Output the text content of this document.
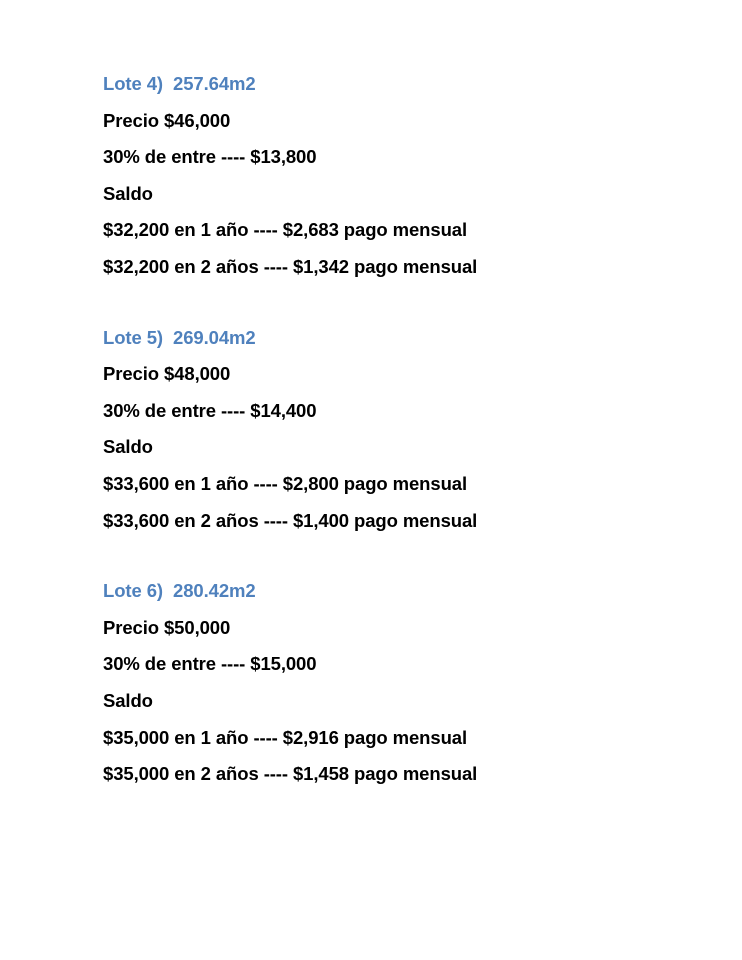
Lote 4)  257.64m2
Precio $46,000
30% de entre ---- $13,800
Saldo
$32,200 en 1 año ---- $2,683 pago mensual
$32,200 en 2 años ---- $1,342 pago mensual
Lote 5)  269.04m2
Precio $48,000
30% de entre ---- $14,400
Saldo
$33,600 en 1 año ---- $2,800 pago mensual
$33,600 en 2 años ---- $1,400 pago mensual
Lote 6)  280.42m2
Precio $50,000
30% de entre ---- $15,000
Saldo
$35,000 en 1 año ---- $2,916 pago mensual
$35,000 en 2 años ---- $1,458 pago mensual
